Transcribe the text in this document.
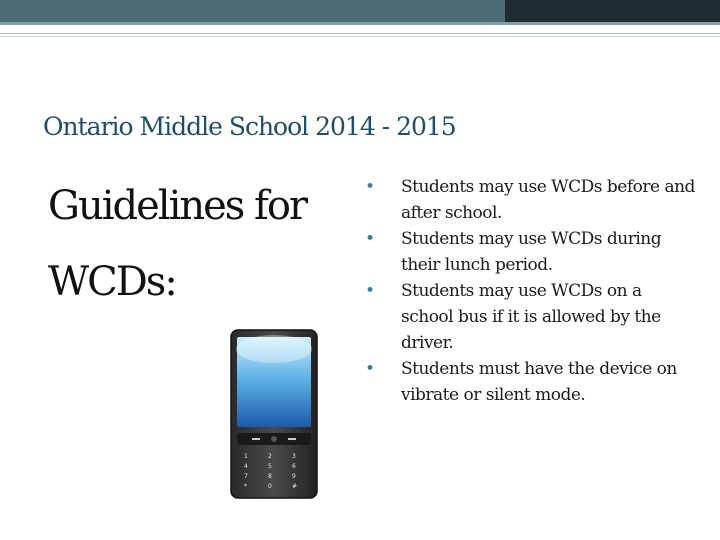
Ontario Middle School 2014 - 2015
Guidelines for
WCDs:
• Students may use WCDs before and after school.
• Students may use WCDs during their lunch period.
• Students may use WCDs on a school bus if it is allowed by the driver.
• Students must have the device on vibrate or silent mode.
1	2	3
4	5	6
7	8	9
*	0	#
